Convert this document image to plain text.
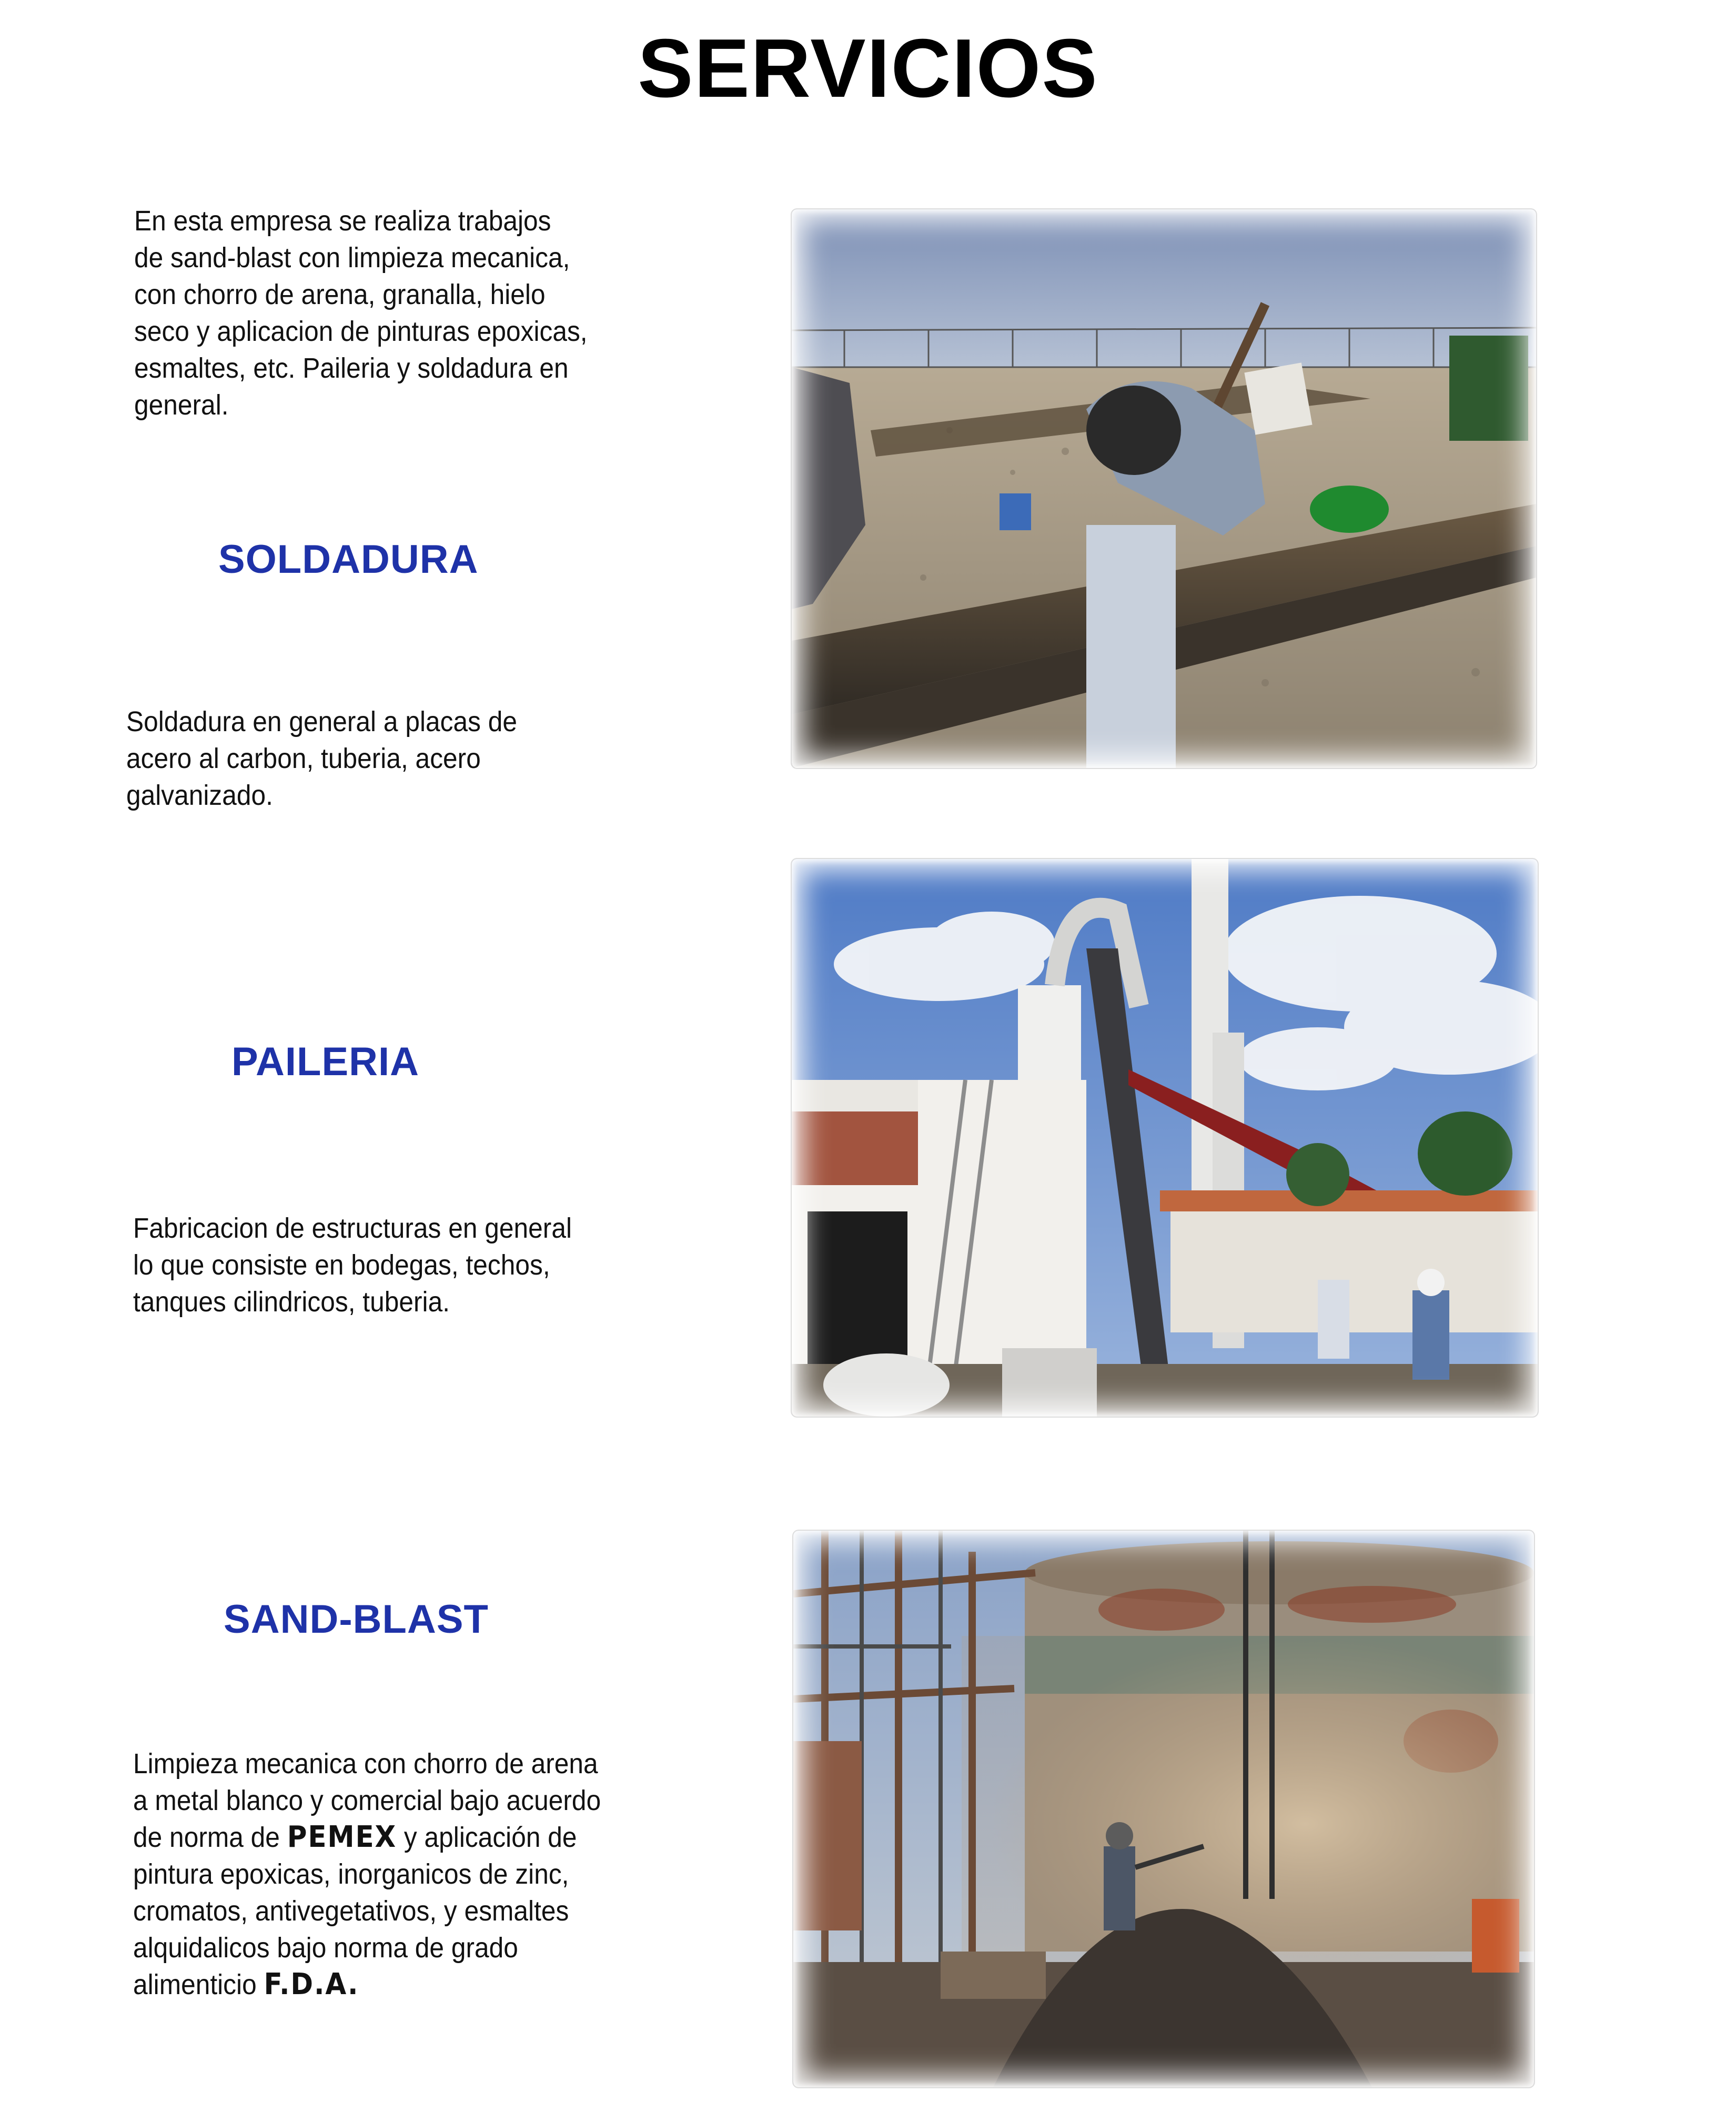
SERVICIOS
En esta empresa se realiza trabajos
de sand-blast con limpieza mecanica,
con chorro de arena, granalla, hielo
seco y aplicacion de pinturas epoxicas,
esmaltes, etc. Paileria y soldadura en
general.
SOLDADURA
Soldadura en general a placas de
acero al carbon, tuberia, acero
galvanizado.
PAILERIA
Fabricacion de estructuras en general
lo que consiste en bodegas, techos,
tanques cilindricos, tuberia.
SAND-BLAST
Limpieza mecanica con chorro de arena
a metal blanco y comercial bajo acuerdo
de norma de PEMEX y aplicación de
pintura epoxicas, inorganicos de zinc,
cromatos, antivegetativos, y esmaltes
alquidalicos bajo norma de grado
alimenticio F.D.A.
